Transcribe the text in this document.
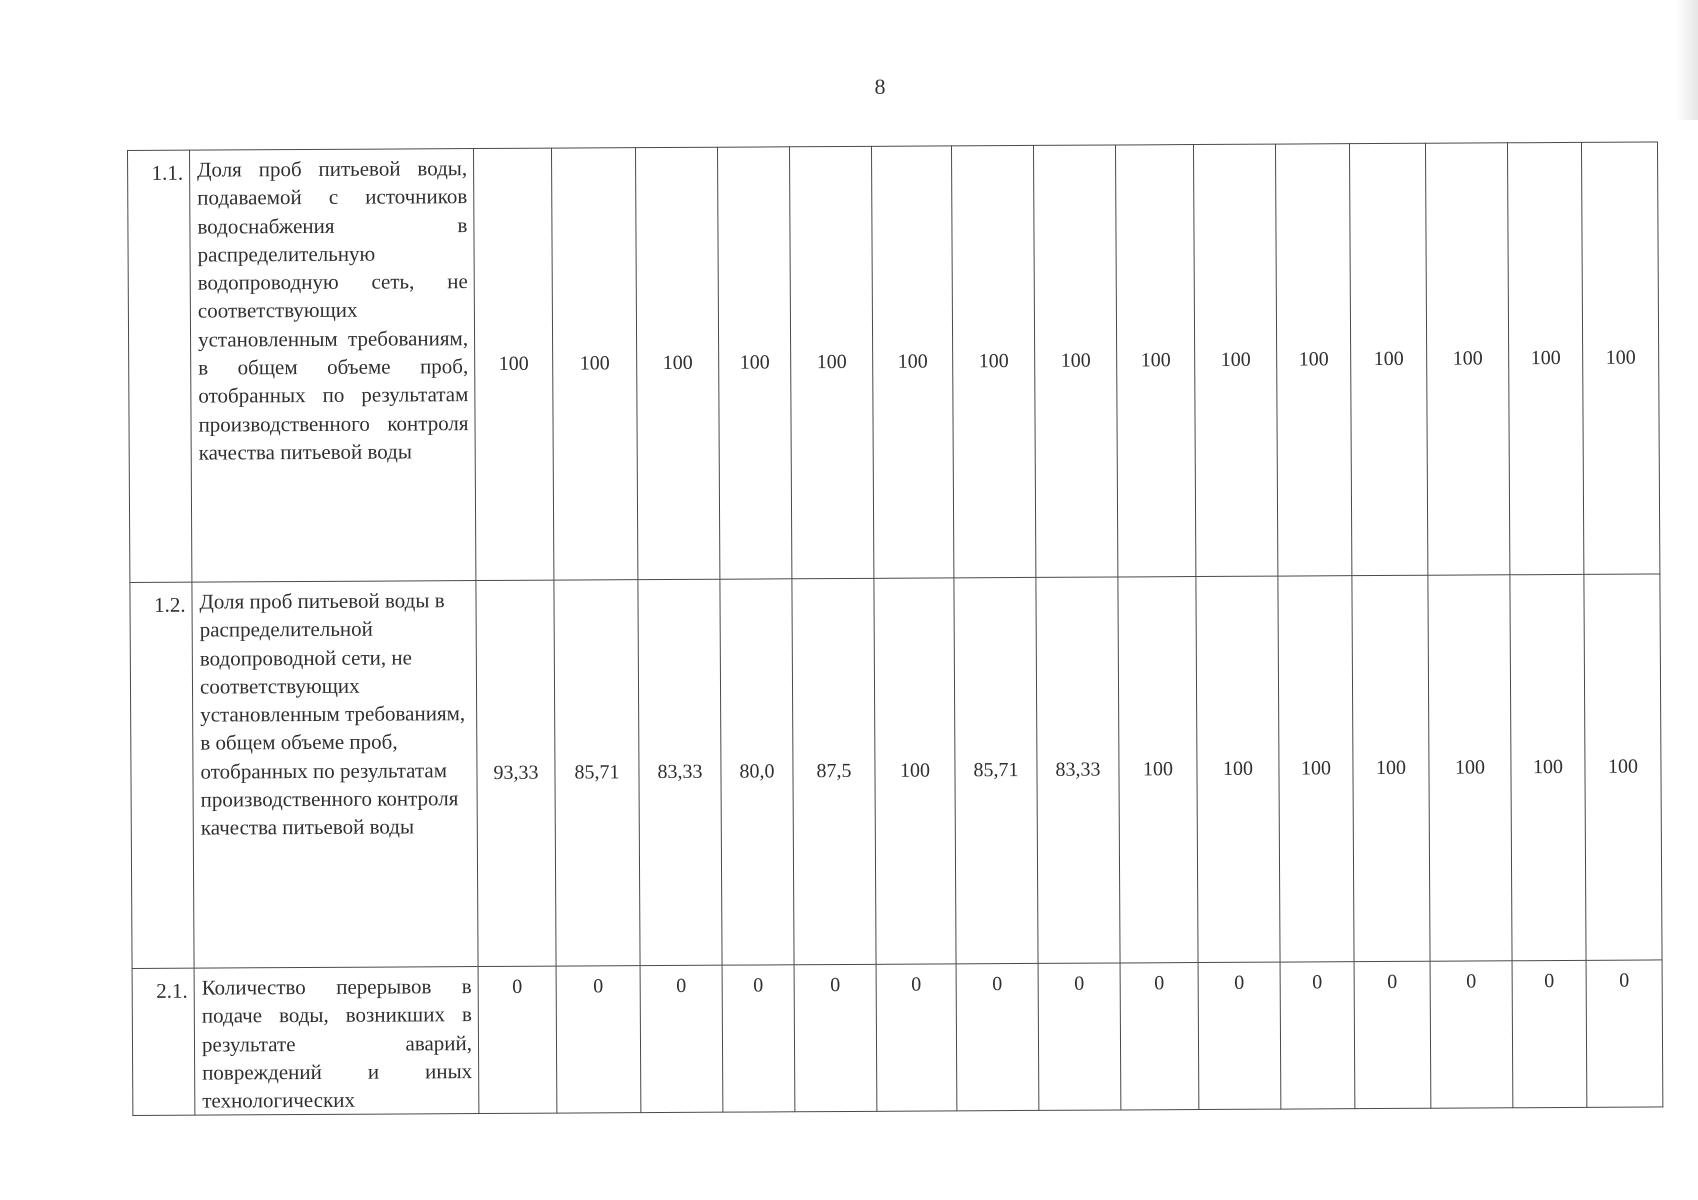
8
1.1.	Доля проб питьевой воды, подаваемой с источников водоснабжения в распределительную водопроводную сеть, не соответствующих установленным требованиям, в общем объеме проб, отобранных по результатам производственного контроля качества питьевой воды	100	100	100	100	100	100	100	100	100	100	100	100	100	100	100
1.2.	Доля проб питьевой воды в распределительной водопроводной сети, не соответствующих установленным требованиям, в общем объеме проб, отобранных по результатам производственного контроля качества питьевой воды	93,33	85,71	83,33	80,0	87,5	100	85,71	83,33	100	100	100	100	100	100	100
2.1.	Количество перерывов в подаче воды, возникших в результате аварий, повреждений и иных технологических	0	0	0	0	0	0	0	0	0	0	0	0	0	0	0
